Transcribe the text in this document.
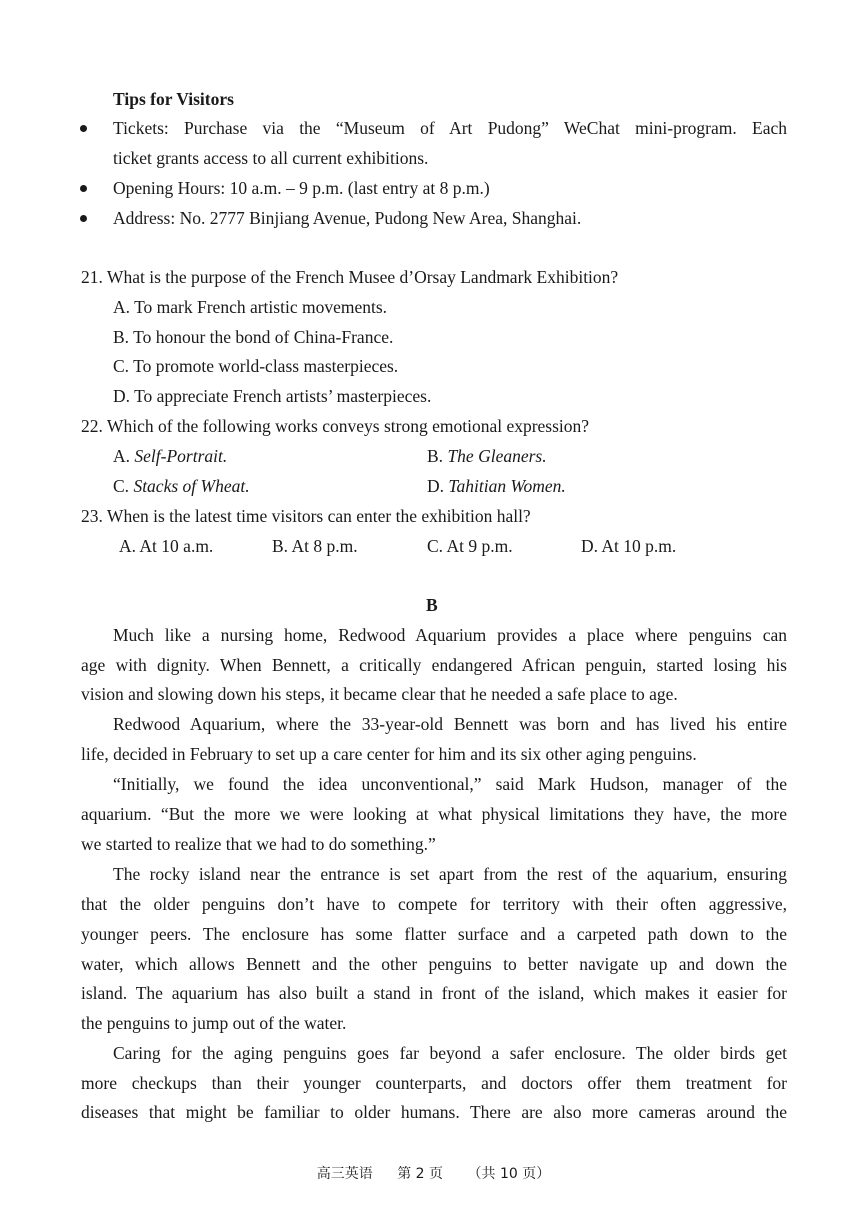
Tips for Visitors
Tickets: Purchase via the “Museum of Art Pudong” WeChat mini-program. Each
ticket grants access to all current exhibitions.
Opening Hours: 10 a.m. – 9 p.m. (last entry at 8 p.m.)
Address: No. 2777 Binjiang Avenue, Pudong New Area, Shanghai.
21. What is the purpose of the French Musee d’Orsay Landmark Exhibition?
A. To mark French artistic movements.
B. To honour the bond of China-France.
C. To promote world-class masterpieces.
D. To appreciate French artists’ masterpieces.
22. Which of the following works conveys strong emotional expression?
A. Self-Portrait.	B. The Gleaners.
C. Stacks of Wheat.	D. Tahitian Women.
23. When is the latest time visitors can enter the exhibition hall?
A. At 10 a.m.	B. At 8 p.m.	C. At 9 p.m.	D. At 10 p.m.
B
Much like a nursing home, Redwood Aquarium provides a place where penguins can
age with dignity. When Bennett, a critically endangered African penguin, started losing his
vision and slowing down his steps, it became clear that he needed a safe place to age.
Redwood Aquarium, where the 33-year-old Bennett was born and has lived his entire
life, decided in February to set up a care center for him and its six other aging penguins.
“Initially, we found the idea unconventional,” said Mark Hudson, manager of the
aquarium. “But the more we were looking at what physical limitations they have, the more
we started to realize that we had to do something.”
The rocky island near the entrance is set apart from the rest of the aquarium, ensuring
that the older penguins don’t have to compete for territory with their often aggressive,
younger peers. The enclosure has some flatter surface and a carpeted path down to the
water, which allows Bennett and the other penguins to better navigate up and down the
island. The aquarium has also built a stand in front of the island, which makes it easier for
the penguins to jump out of the water.
Caring for the aging penguins goes far beyond a safer enclosure. The older birds get
more checkups than their younger counterparts, and doctors offer them treatment for
diseases that might be familiar to older humans. There are also more cameras around the
高三英语 第 2 页 （共 10 页）
